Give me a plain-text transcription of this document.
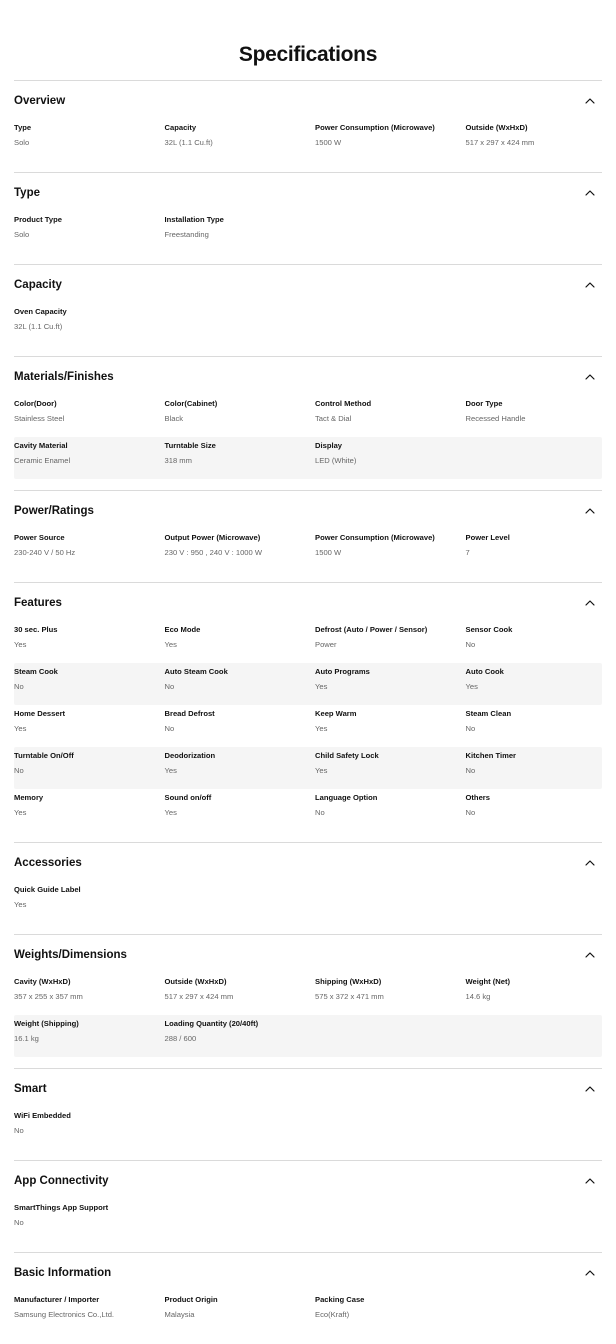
Specifications
Overview
Type
Solo
Capacity
32L (1.1 Cu.ft)
Power Consumption (Microwave)
1500 W
Outside (WxHxD)
517 x 297 x 424 mm
Type
Product Type
Solo
Installation Type
Freestanding
Capacity
Oven Capacity
32L (1.1 Cu.ft)
Materials/Finishes
Color(Door)
Stainless Steel
Color(Cabinet)
Black
Control Method
Tact & Dial
Door Type
Recessed Handle
Cavity Material
Ceramic Enamel
Turntable Size
318 mm
Display
LED (White)
Power/Ratings
Power Source
230-240 V / 50 Hz
Output Power (Microwave)
230 V : 950 , 240 V : 1000 W
Power Consumption (Microwave)
1500 W
Power Level
7
Features
30 sec. Plus
Yes
Eco Mode
Yes
Defrost (Auto / Power / Sensor)
Power
Sensor Cook
No
Steam Cook
No
Auto Steam Cook
No
Auto Programs
Yes
Auto Cook
Yes
Home Dessert
Yes
Bread Defrost
No
Keep Warm
Yes
Steam Clean
No
Turntable On/Off
No
Deodorization
Yes
Child Safety Lock
Yes
Kitchen Timer
No
Memory
Yes
Sound on/off
Yes
Language Option
No
Others
No
Accessories
Quick Guide Label
Yes
Weights/Dimensions
Cavity (WxHxD)
357 x 255 x 357 mm
Outside (WxHxD)
517 x 297 x 424 mm
Shipping (WxHxD)
575 x 372 x 471 mm
Weight (Net)
14.6 kg
Weight (Shipping)
16.1 kg
Loading Quantity (20/40ft)
288 / 600
Smart
WiFi Embedded
No
App Connectivity
SmartThings App Support
No
Basic Information
Manufacturer / Importer
Samsung Electronics Co.,Ltd.
Product Origin
Malaysia
Packing Case
Eco(Kraft)
